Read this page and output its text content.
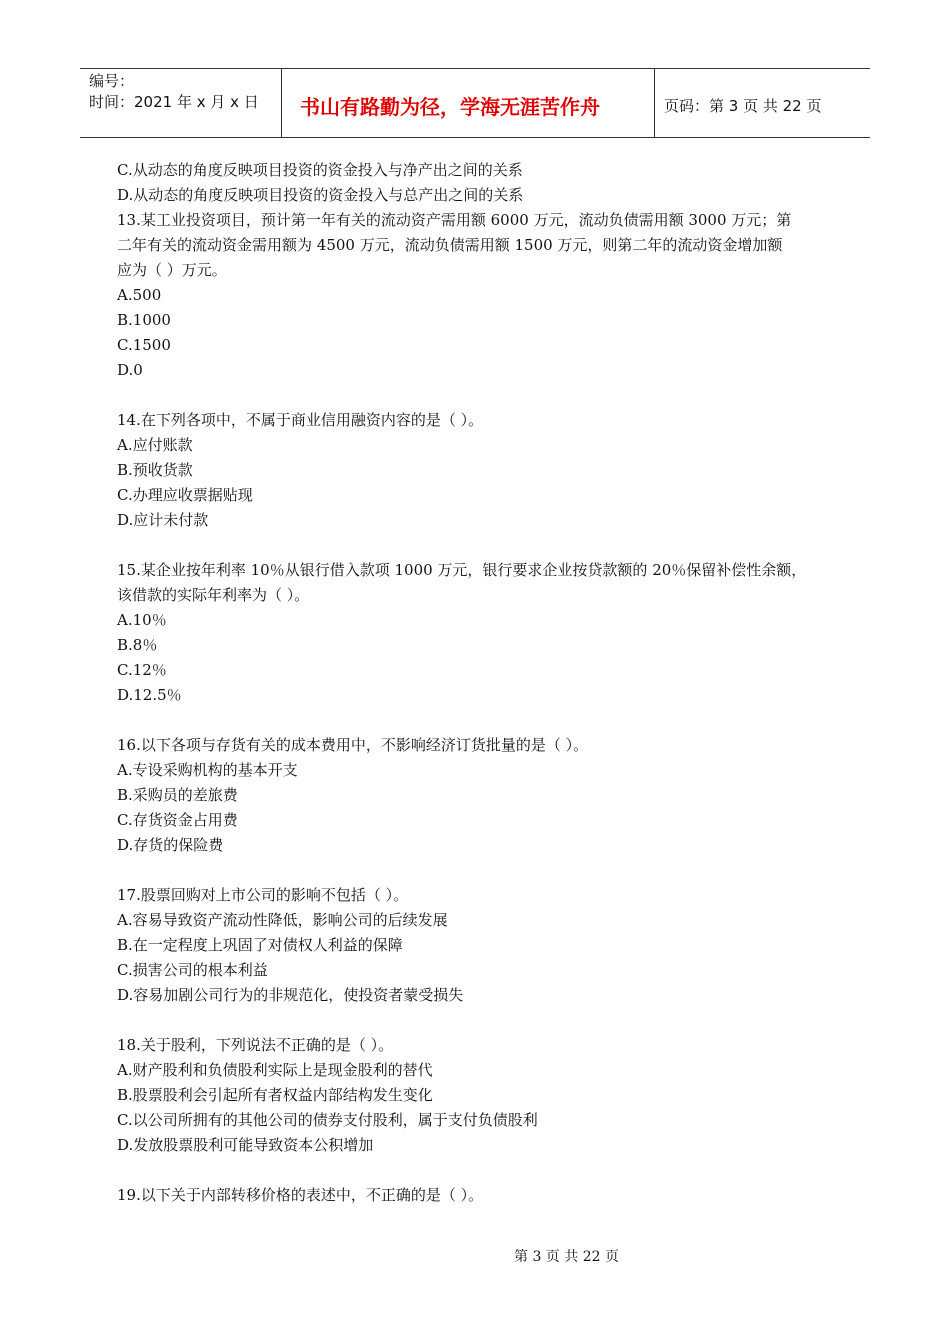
编号：
时间：2021 年 x 月 x 日	书山有路勤为径，学海无涯苦作舟	页码：第 3 页 共 22 页
C.从动态的角度反映项目投资的资金投入与净产出之间的关系
D.从动态的角度反映项目投资的资金投入与总产出之间的关系
13.某工业投资项目，预计第一年有关的流动资产需用额 6000 万元，流动负债需用额 3000 万元；第
二年有关的流动资金需用额为 4500 万元，流动负债需用额 1500 万元，则第二年的流动资金增加额
应为（ ）万元。
A.500
B.1000
C.1500
D.0
14.在下列各项中，不属于商业信用融资内容的是（ ）。
A.应付账款
B.预收货款
C.办理应收票据贴现
D.应计未付款
15.某企业按年利率 10％从银行借入款项 1000 万元，银行要求企业按贷款额的 20％保留补偿性余额，
该借款的实际年利率为（ ）。
A.10％
B.8％
C.12％
D.12.5％
16.以下各项与存货有关的成本费用中，不影响经济订货批量的是（ ）。
A.专设采购机构的基本开支
B.采购员的差旅费
C.存货资金占用费
D.存货的保险费
17.股票回购对上市公司的影响不包括（ ）。
A.容易导致资产流动性降低，影响公司的后续发展
B.在一定程度上巩固了对债权人利益的保障
C.损害公司的根本利益
D.容易加剧公司行为的非规范化，使投资者蒙受损失
18.关于股利，下列说法不正确的是（ ）。
A.财产股利和负债股利实际上是现金股利的替代
B.股票股利会引起所有者权益内部结构发生变化
C.以公司所拥有的其他公司的债券支付股利，属于支付负债股利
D.发放股票股利可能导致资本公积增加
19.以下关于内部转移价格的表述中，不正确的是（ ）。
第 3 页 共 22 页
